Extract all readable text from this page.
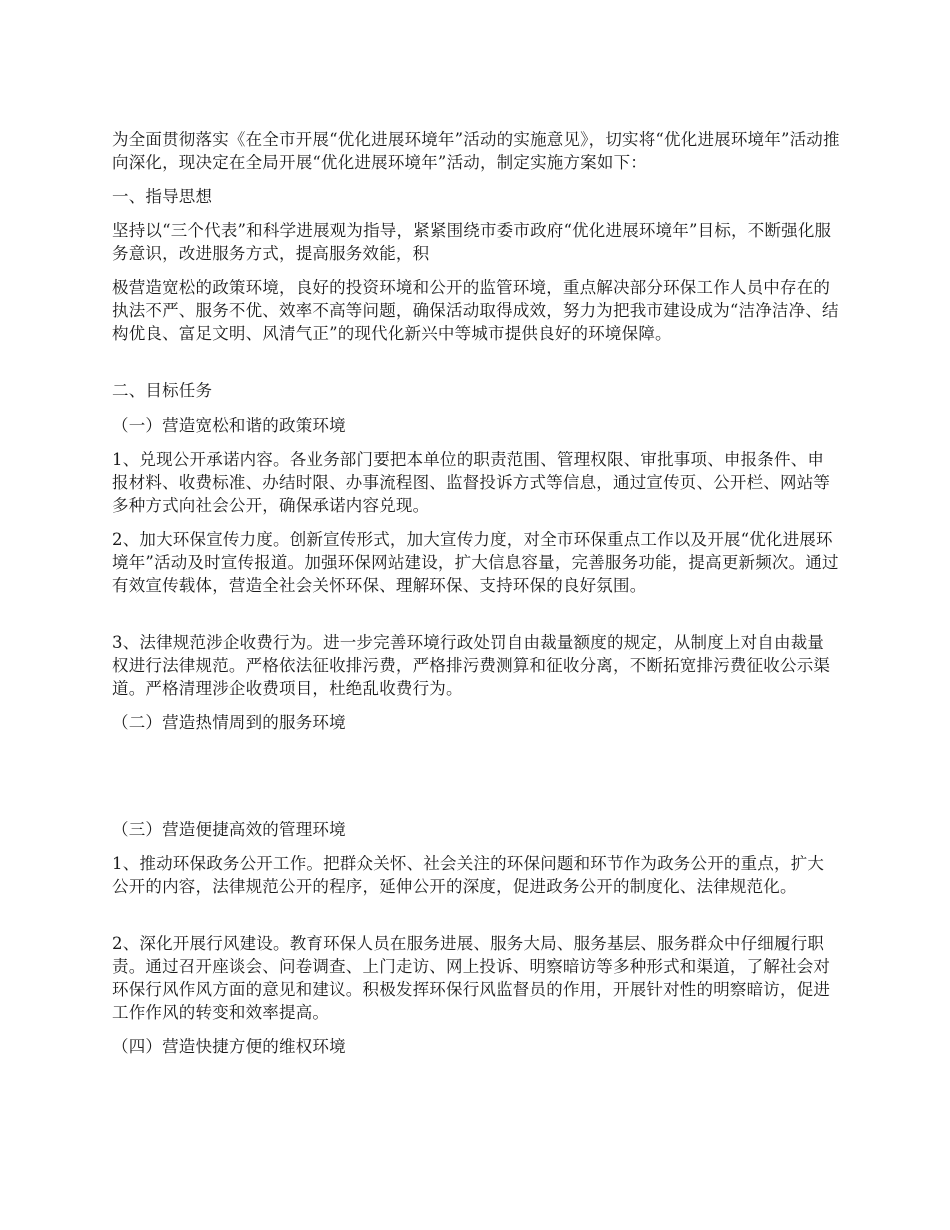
为全面贯彻落实《在全市开展“优化进展环境年”活动的实施意见》，切实将“优化进展环境年”活动推向深化，现决定在全局开展“优化进展环境年”活动，制定实施方案如下：

一、指导思想

坚持以“三个代表”和科学进展观为指导，紧紧围绕市委市政府“优化进展环境年”目标，不断强化服务意识，改进服务方式，提高服务效能，积

极营造宽松的政策环境，良好的投资环境和公开的监管环境，重点解决部分环保工作人员中存在的执法不严、服务不优、效率不高等问题，确保活动取得成效，努力为把我市建设成为“洁净洁净、结构优良、富足文明、风清气正”的现代化新兴中等城市提供良好的环境保障。

二、目标任务

（一）营造宽松和谐的政策环境

1、兑现公开承诺内容。各业务部门要把本单位的职责范围、管理权限、审批事项、申报条件、申报材料、收费标准、办结时限、办事流程图、监督投诉方式等信息，通过宣传页、公开栏、网站等多种方式向社会公开，确保承诺内容兑现。

2、加大环保宣传力度。创新宣传形式，加大宣传力度，对全市环保重点工作以及开展“优化进展环境年”活动及时宣传报道。加强环保网站建设，扩大信息容量，完善服务功能，提高更新频次。通过有效宣传载体，营造全社会关怀环保、理解环保、支持环保的良好氛围。

3、法律规范涉企收费行为。进一步完善环境行政处罚自由裁量额度的规定，从制度上对自由裁量权进行法律规范。严格依法征收排污费，严格排污费测算和征收分离，不断拓宽排污费征收公示渠道。严格清理涉企收费项目，杜绝乱收费行为。

（二）营造热情周到的服务环境

（三）营造便捷高效的管理环境

1、推动环保政务公开工作。把群众关怀、社会关注的环保问题和环节作为政务公开的重点，扩大公开的内容，法律规范公开的程序，延伸公开的深度，促进政务公开的制度化、法律规范化。

2、深化开展行风建设。教育环保人员在服务进展、服务大局、服务基层、服务群众中仔细履行职责。通过召开座谈会、问卷调查、上门走访、网上投诉、明察暗访等多种形式和渠道，了解社会对环保行风作风方面的意见和建议。积极发挥环保行风监督员的作用，开展针对性的明察暗访，促进工作作风的转变和效率提高。

（四）营造快捷方便的维权环境
